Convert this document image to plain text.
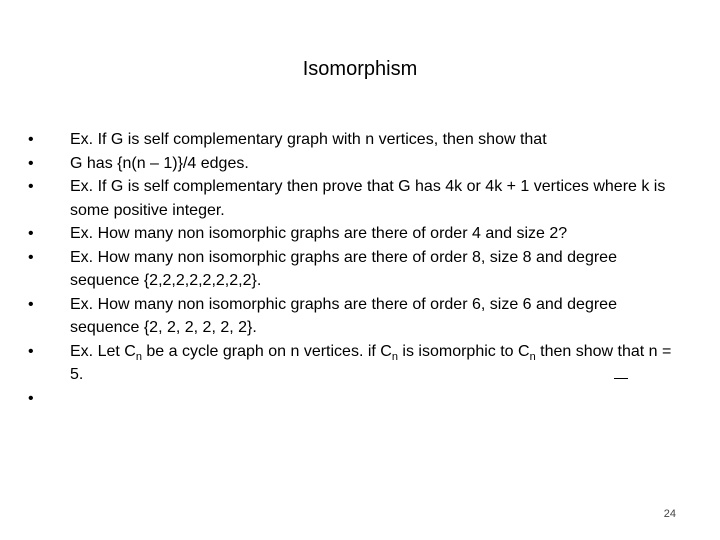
Isomorphism
•	Ex. If G is self complementary graph with n vertices, then show that
•	G has {n(n – 1)}/4 edges.
•	Ex. If G is self complementary then prove that G has 4k or 4k + 1 vertices where k is some positive integer.
•	Ex. How many non isomorphic graphs are there of order 4 and size 2?
•	Ex. How many non isomorphic graphs are there of order 8, size 8 and degree sequence {2,2,2,2,2,2,2,2}.
•	Ex. How many non isomorphic graphs are there of order 6, size 6 and degree sequence {2, 2, 2, 2, 2, 2}.
•	Ex. Let $C_n$ be a cycle graph on n vertices. if $C_n$ is isomorphic to $C_n$ then show that n = 5.
•

24
